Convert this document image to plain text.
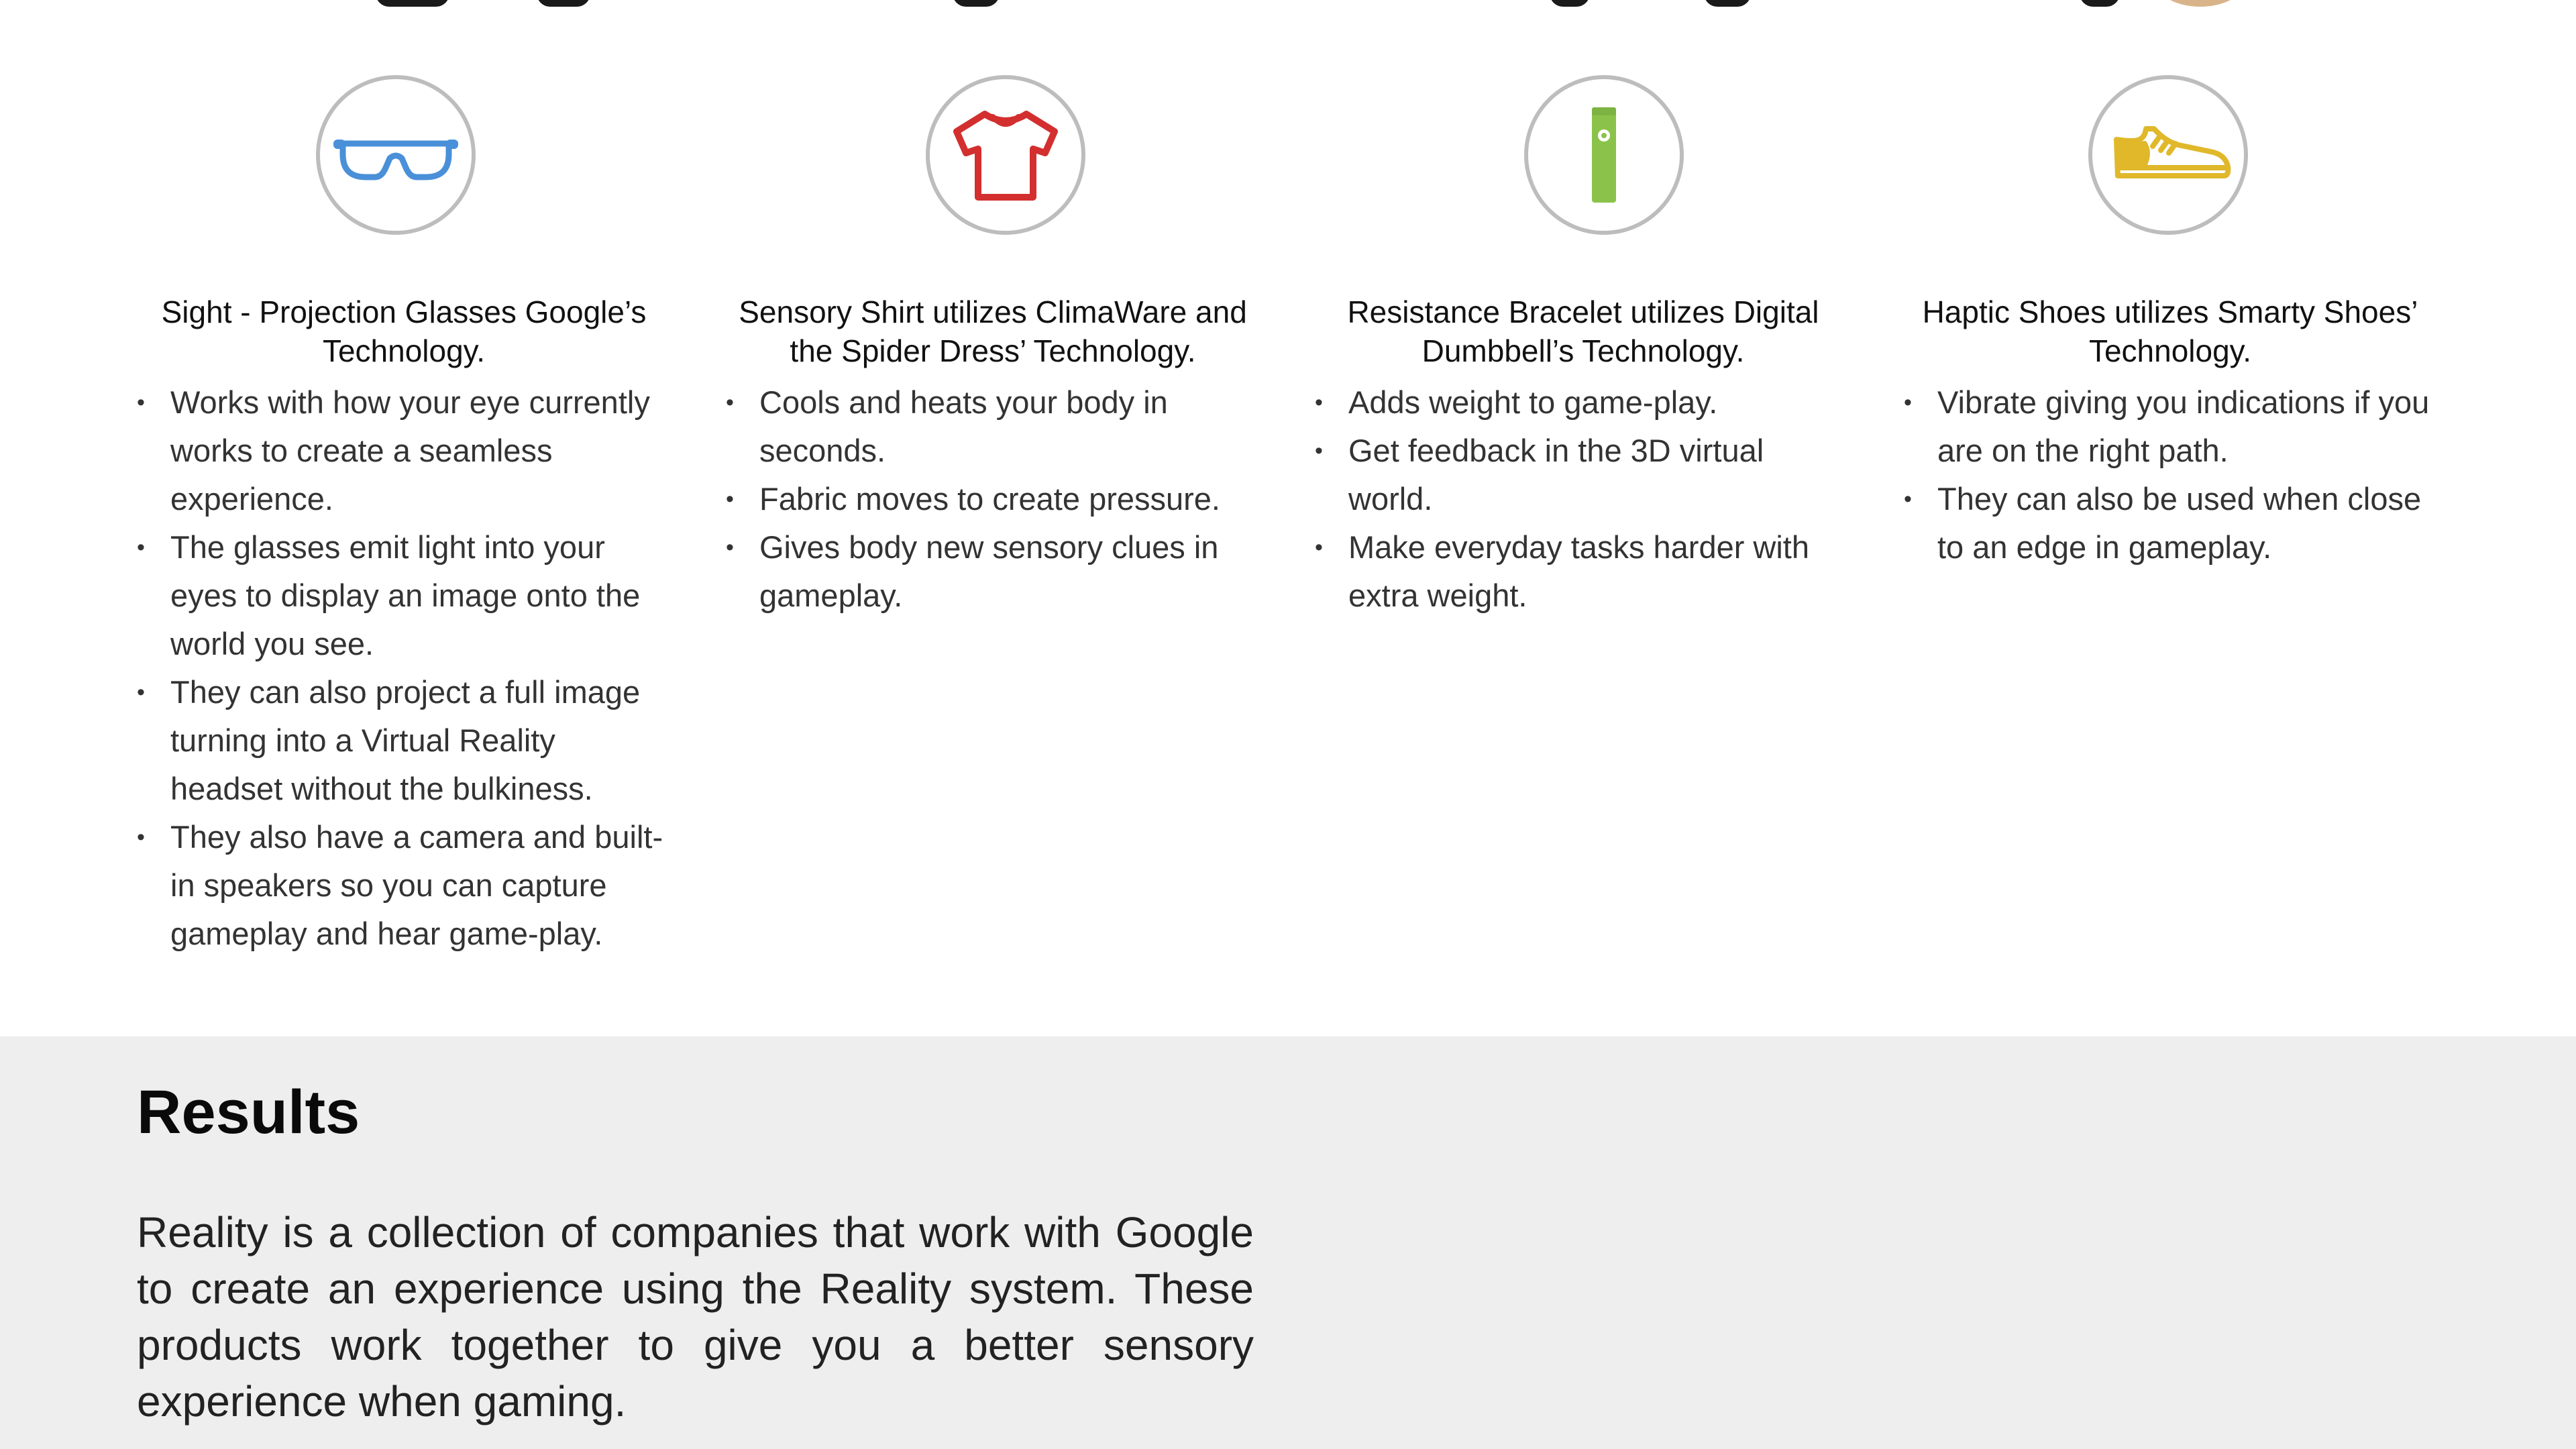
Sight - Projection Glasses Google’s Technology.
• Works with how your eye currently works to create a seamless experience.
• The glasses emit light into your eyes to display an image onto the world you see.
• They can also project a full image turning into a Virtual Reality headset without the bulkiness.
• They also have a camera and built-in speakers so you can capture gameplay and hear game-play.
Sensory Shirt utilizes ClimaWare and the Spider Dress’ Technology.
• Cools and heats your body in seconds.
• Fabric moves to create pressure.
• Gives body new sensory clues in gameplay.
Resistance Bracelet utilizes Digital Dumbbell’s Technology.
• Adds weight to game-play.
• Get feedback in the 3D virtual world.
• Make everyday tasks harder with extra weight.
Haptic Shoes utilizes Smarty Shoes’ Technology.
• Vibrate giving you indications if you are on the right path.
• They can also be used when close to an edge in gameplay.
Results

Reality is a collection of companies that work with Google to create an experience using the Reality system. These products work together to give you a better sensory experience when gaming.
